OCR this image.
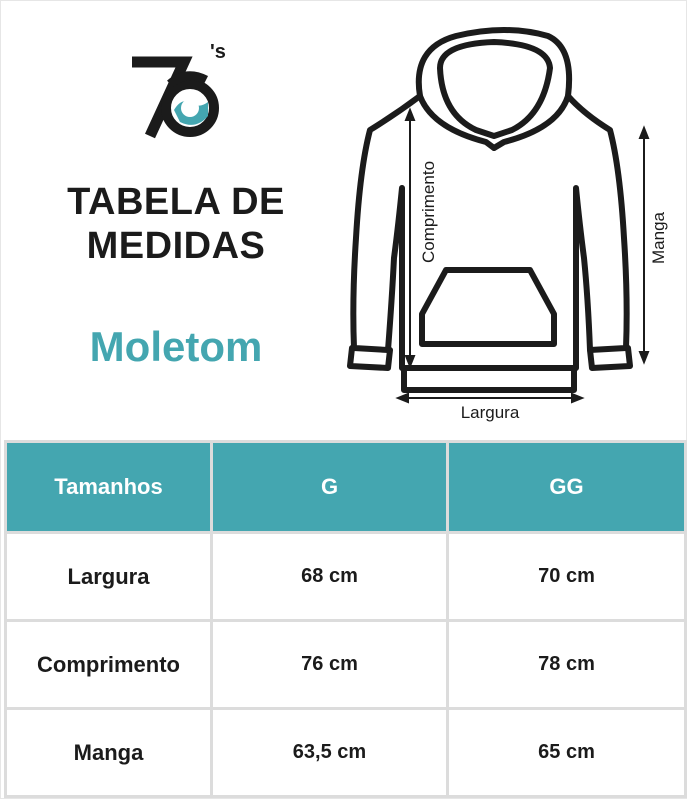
's
TABELA DE
MEDIDAS
Moletom
Comprimento	Manga
Largura
Tamanhos	G	GG
Largura	68 cm	70 cm
Comprimento	76 cm	78 cm
Manga	63,5 cm	65 cm
